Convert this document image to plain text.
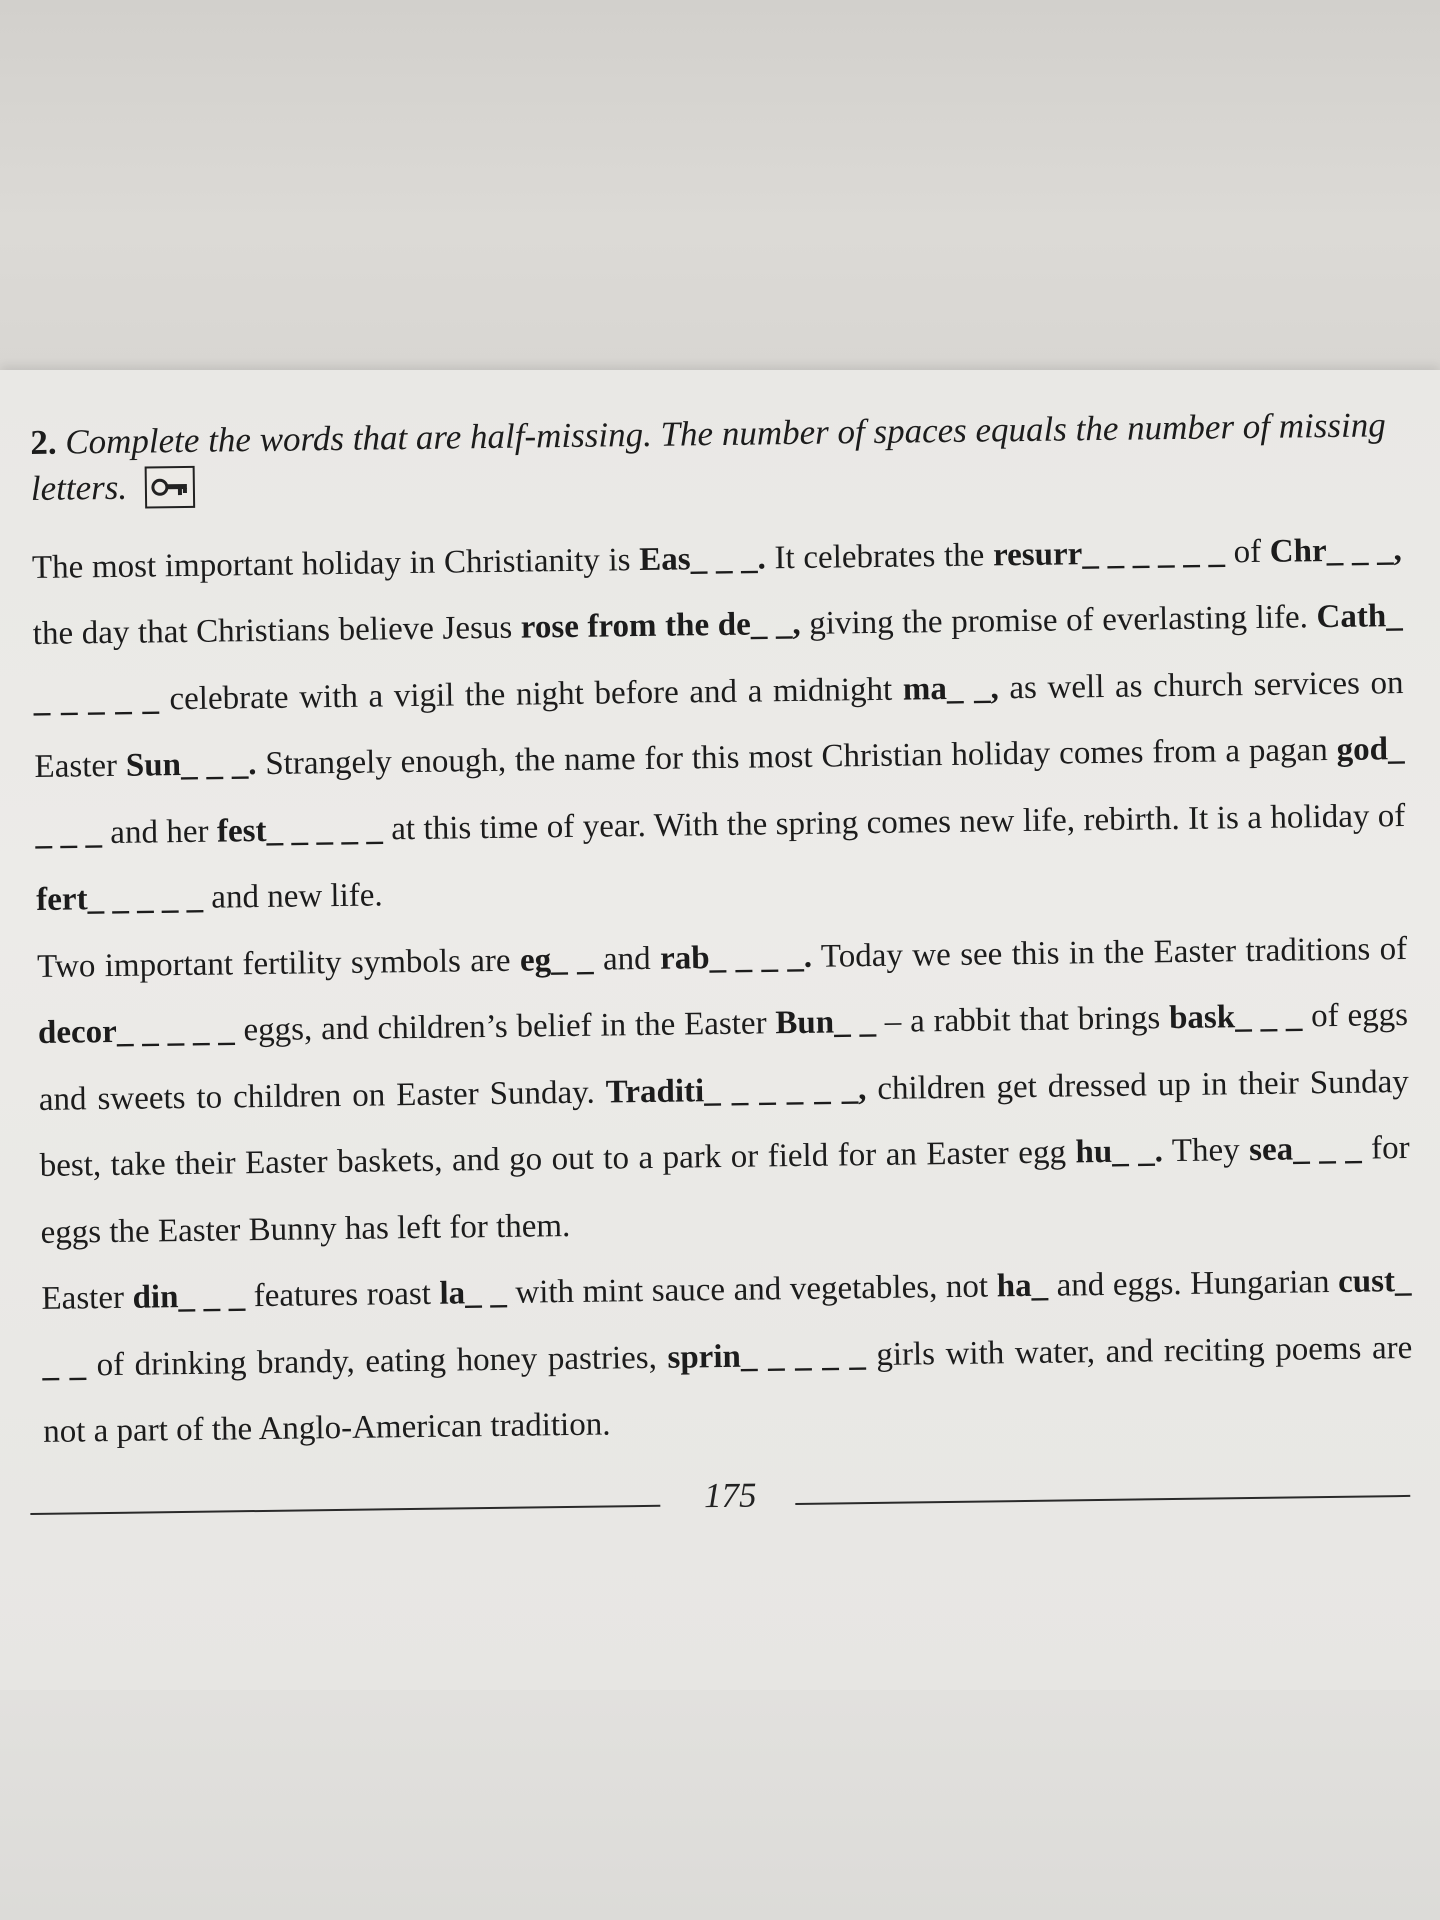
2. Complete the words that are half-missing. The number of spaces equals the number of missing letters.

The most important holiday in Christianity is Eas_ _ _. It celebrates the resurr_ _ _ _ _ _ of Chr_ _ _, the day that Christians believe Jesus rose from the de_ _, giving the promise of everlasting life. Cath_ _ _ _ _ _ celebrate with a vigil the night before and a midnight ma_ _, as well as church services on Easter Sun_ _ _. Strangely enough, the name for this most Christian holiday comes from a pagan god_ _ _ _ and her fest_ _ _ _ _ at this time of year. With the spring comes new life, rebirth. It is a holiday of fert_ _ _ _ _ and new life.

Two important fertility symbols are eg_ _ and rab_ _ _ _. Today we see this in the Easter traditions of decor_ _ _ _ _ eggs, and children’s belief in the Easter Bun_ _ – a rabbit that brings bask_ _ _ of eggs and sweets to children on Easter Sunday. Traditi_ _ _ _ _ _, children get dressed up in their Sunday best, take their Easter baskets, and go out to a park or field for an Easter egg hu_ _. They sea_ _ _ for eggs the Easter Bunny has left for them.

Easter din_ _ _ features roast la_ _ with mint sauce and vegetables, not ha_ and eggs. Hungarian cust_ _ _ of drinking brandy, eating honey pastries, sprin_ _ _ _ _ girls with water, and reciting poems are not a part of the Anglo-American tradition.

175
